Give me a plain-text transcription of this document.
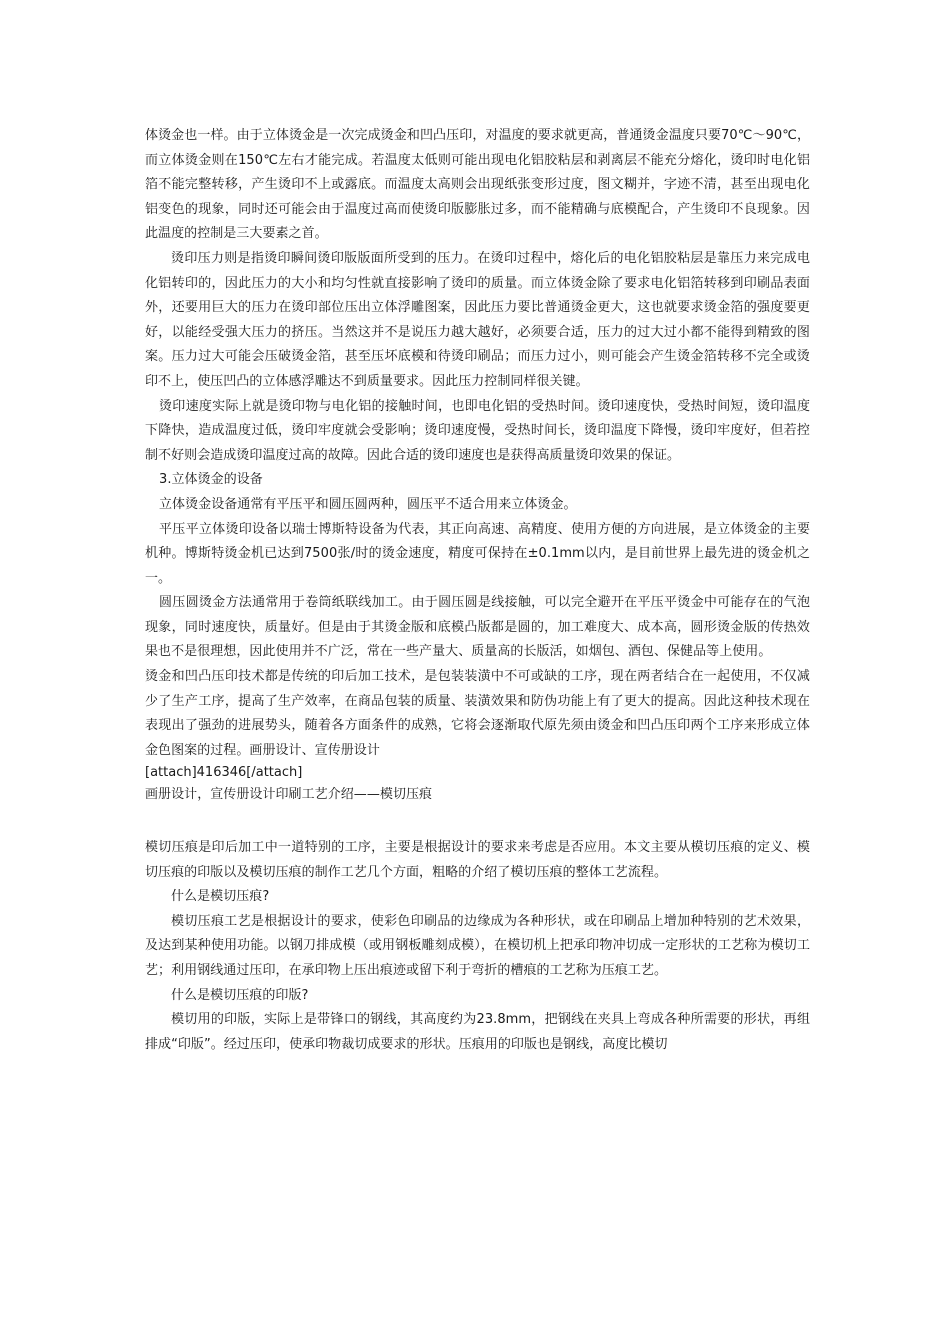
体烫金也一样。由于立体烫金是一次完成烫金和凹凸压印，对温度的要求就更高，普通烫金温度只要70℃～90℃，而立体烫金则在150℃左右才能完成。若温度太低则可能出现电化铝胶粘层和剥离层不能充分熔化，烫印时电化铝箔不能完整转移，产生烫印不上或露底。而温度太高则会出现纸张变形过度，图文糊并，字迹不清，甚至出现电化铝变色的现象，同时还可能会由于温度过高而使烫印版膨胀过多，而不能精确与底模配合，产生烫印不良现象。因此温度的控制是三大要素之首。

烫印压力则是指烫印瞬间烫印版版面所受到的压力。在烫印过程中，熔化后的电化铝胶粘层是靠压力来完成电化铝转印的，因此压力的大小和均匀性就直接影响了烫印的质量。而立体烫金除了要求电化铝箔转移到印刷品表面外，还要用巨大的压力在烫印部位压出立体浮雕图案，因此压力要比普通烫金更大，这也就要求烫金箔的强度要更好，以能经受强大压力的挤压。当然这并不是说压力越大越好，必须要合适，压力的过大过小都不能得到精致的图案。压力过大可能会压破烫金箔，甚至压坏底模和待烫印刷品；而压力过小，则可能会产生烫金箔转移不完全或烫印不上，使压凹凸的立体感浮雕达不到质量要求。因此压力控制同样很关键。

烫印速度实际上就是烫印物与电化铝的接触时间，也即电化铝的受热时间。烫印速度快，受热时间短，烫印温度下降快，造成温度过低，烫印牢度就会受影响；烫印速度慢，受热时间长，烫印温度下降慢，烫印牢度好，但若控制不好则会造成烫印温度过高的故障。因此合适的烫印速度也是获得高质量烫印效果的保证。

3.立体烫金的设备

立体烫金设备通常有平压平和圆压圆两种，圆压平不适合用来立体烫金。

平压平立体烫印设备以瑞士博斯特设备为代表，其正向高速、高精度、使用方便的方向进展，是立体烫金的主要机种。博斯特烫金机已达到7500张/时的烫金速度，精度可保持在±0.1mm以内，是目前世界上最先进的烫金机之一。

圆压圆烫金方法通常用于卷筒纸联线加工。由于圆压圆是线接触，可以完全避开在平压平烫金中可能存在的气泡现象，同时速度快，质量好。但是由于其烫金版和底模凸版都是圆的，加工难度大、成本高，圆形烫金版的传热效果也不是很理想，因此使用并不广泛，常在一些产量大、质量高的长版活，如烟包、酒包、保健品等上使用。

烫金和凹凸压印技术都是传统的印后加工技术，是包装装潢中不可或缺的工序，现在两者结合在一起使用，不仅减少了生产工序，提高了生产效率，在商品包装的质量、装潢效果和防伪功能上有了更大的提高。因此这种技术现在表现出了强劲的进展势头，随着各方面条件的成熟，它将会逐渐取代原先须由烫金和凹凸压印两个工序来形成立体金色图案的过程。画册设计、宣传册设计

[attach]416346[/attach]

画册设计，宣传册设计印刷工艺介绍——模切压痕

模切压痕是印后加工中一道特别的工序，主要是根据设计的要求来考虑是否应用。本文主要从模切压痕的定义、模切压痕的印版以及模切压痕的制作工艺几个方面，粗略的介绍了模切压痕的整体工艺流程。

什么是模切压痕?

模切压痕工艺是根据设计的要求，使彩色印刷品的边缘成为各种形状，或在印刷品上增加种特别的艺术效果，及达到某种使用功能。以钢刀排成模（或用钢板雕刻成模），在模切机上把承印物冲切成一定形状的工艺称为模切工艺；利用钢线通过压印，在承印物上压出痕迹或留下利于弯折的槽痕的工艺称为压痕工艺。

什么是模切压痕的印版?

模切用的印版，实际上是带锋口的钢线，其高度约为23.8mm，把钢线在夹具上弯成各种所需要的形状，再组排成“印版”。经过压印，使承印物裁切成要求的形状。压痕用的印版也是钢线，高度比模切
